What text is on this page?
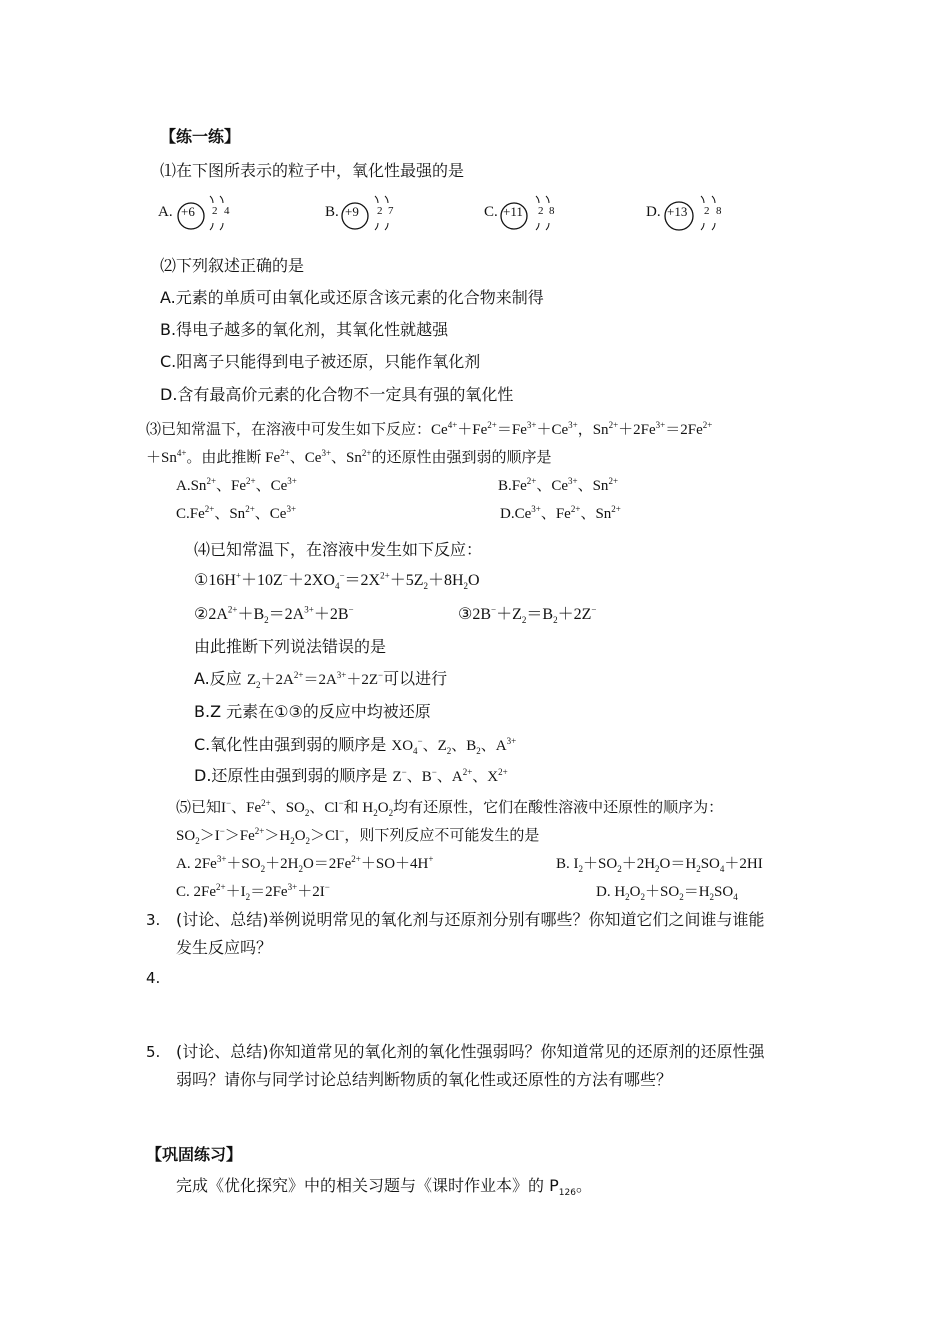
【练一练】
⑴在下图所表示的粒子中，氧化性最强的是
A. +6 2 4	B. +9 2 7	C. +11 2 8	D. +13 2 8
⑵下列叙述正确的是
A.元素的单质可由氧化或还原含该元素的化合物来制得
B.得电子越多的氧化剂，其氧化性就越强
C.阳离子只能得到电子被还原，只能作氧化剂
D.含有最高价元素的化合物不一定具有强的氧化性
⑶已知常温下，在溶液中可发生如下反应：$Ce^{4+}+Fe^{2+}=Fe^{3+}+Ce^{3+}$，$Sn^{2+}+2Fe^{3+}=2Fe^{2+}$
$+Sn^{4+}$。由此推断 $Fe^{2+}$、$Ce^{3+}$、$Sn^{2+}$的还原性由强到弱的顺序是
$A.Sn^{2+}$、$Fe^{2+}$、$Ce^{3+}$	$B.Fe^{2+}$、$Ce^{3+}$、$Sn^{2+}$
$C.Fe^{2+}$、$Sn^{2+}$、$Ce^{3+}$	$D.Ce^{3+}$、$Fe^{2+}$、$Sn^{2+}$
⑷已知常温下，在溶液中发生如下反应：
$①16H^++10Z^-+2XO_4^-=2X^{2+}+5Z_2+8H_2O$
$②2A^{2+}+B_2=2A^{3+}+2B^-$	$③2B^-+Z_2=B_2+2Z^-$
由此推断下列说法错误的是
A.反应 $Z_2+2A^{2+}=2A^{3+}+2Z^-$可以进行
B.Z 元素在①③的反应中均被还原
C.氧化性由强到弱的顺序是 $XO_4^-$、$Z_2$、$B_2$、$A^{3+}$
D.还原性由强到弱的顺序是 Z−、B−、$A^{2+}$、$X^{2+}$
⑸已知I−、$Fe^{2+}$、$SO_2$、Cl−和 $H_2O_2$均有还原性，它们在酸性溶液中还原性的顺序为：
$SO_2>I^->Fe^{2+}>H_2O_2>Cl^-$，则下列反应不可能发生的是
A. $2Fe^{3+}+SO_2+2H_2O=2Fe^{2+}+SO+4H^+$	B. $I_2+SO_2+2H_2O=H_2SO_4+2HI$
C. $2Fe^{2+}+I_2=2Fe^{3+}+2I^-$	D. $H_2O_2+SO_2=H_2SO_4$
3. (讨论、总结)举例说明常见的氧化剂与还原剂分别有哪些？你知道它们之间谁与谁能
发生反应吗？
4.
5. (讨论、总结)你知道常见的氧化剂的氧化性强弱吗？你知道常见的还原剂的还原性强
弱吗？请你与同学讨论总结判断物质的氧化性或还原性的方法有哪些？
【巩固练习】
完成《优化探究》中的相关习题与《课时作业本》的 $P_{126}$。
